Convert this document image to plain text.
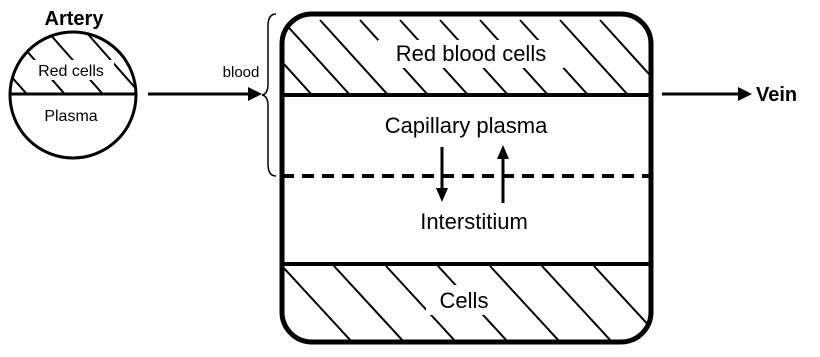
Artery
Red cells
Plasma
blood
Red blood cells
Capillary plasma
Interstitium
Cells
Vein
